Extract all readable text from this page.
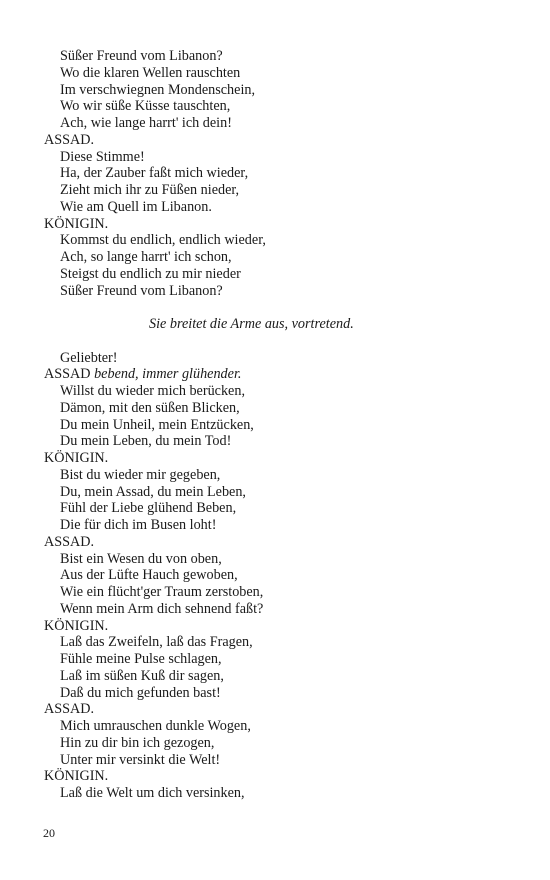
Süßer Freund vom Libanon?
Wo die klaren Wellen rauschten
Im verschwiegnen Mondenschein,
Wo wir süße Küsse tauschten,
Ach, wie lange harrt' ich dein!
ASSAD.
Diese Stimme!
Ha, der Zauber faßt mich wieder,
Zieht mich ihr zu Füßen nieder,
Wie am Quell im Libanon.
KÖNIGIN.
Kommst du endlich, endlich wieder,
Ach, so lange harrt' ich schon,
Steigst du endlich zu mir nieder
Süßer Freund vom Libanon?
Sie breitet die Arme aus, vortretend.
Geliebter!
ASSAD bebend, immer glühender.
Willst du wieder mich berücken,
Dämon, mit den süßen Blicken,
Du mein Unheil, mein Entzücken,
Du mein Leben, du mein Tod!
KÖNIGIN.
Bist du wieder mir gegeben,
Du, mein Assad, du mein Leben,
Fühl der Liebe glühend Beben,
Die für dich im Busen loht!
ASSAD.
Bist ein Wesen du von oben,
Aus der Lüfte Hauch gewoben,
Wie ein flücht'ger Traum zerstoben,
Wenn mein Arm dich sehnend faßt?
KÖNIGIN.
Laß das Zweifeln, laß das Fragen,
Fühle meine Pulse schlagen,
Laß im süßen Kuß dir sagen,
Daß du mich gefunden bast!
ASSAD.
Mich umrauschen dunkle Wogen,
Hin zu dir bin ich gezogen,
Unter mir versinkt die Welt!
KÖNIGIN.
Laß die Welt um dich versinken,
20
